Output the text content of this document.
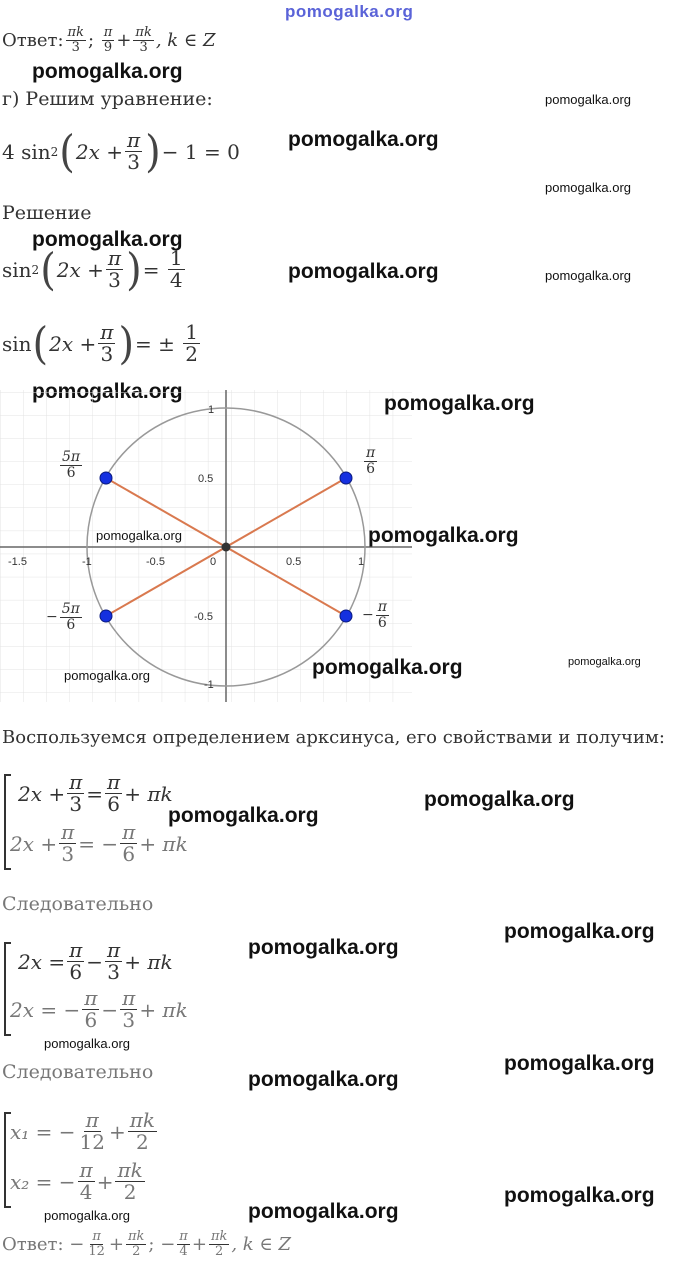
pomogalka.org
Ответ: $\frac{\pi k}{3}$ ;
$\frac{\pi}{9} + \frac{\pi k}{3}$ , k ∈ Z
pomogalka.org
г) Решим уравнение:	pomogalka.org
4 sin 2 ( $2x + \frac{\pi}{3}$ ) − 1 = 0 pomogalka.org
pomogalka.org
Решение
pomogalka.org
sin 2 ( $2x + \frac{\pi}{3}$ ) =
$\frac{1}{4}$	pomogalka.org	pomogalka.org
sin ( $2x + \frac{\pi}{3}$ ) = ±
$\frac{1}{2}$
-1.5	-1	-0.5	0	0.5	1
1
0.5
-0.5
-1
$\frac{\pi}{6}$
$\frac{5\pi}{6}$
− $\frac{\pi}{6}$
− $\frac{5\pi}{6}$
pomogalka.org
pomogalka.org	pomogalka.org
pomogalka.org
pomogalka.org
pomogalka.org
Воспользуемся определением арксинуса, его свойствами и получим:
$2x + \frac{\pi}{3} = \frac{\pi}{6} + \pi k$
$2x + \frac{\pi}{3}$ = − $\frac{\pi}{6} + \pi k$
pomogalka.org
pomogalka.org
Следовательно
pomogalka.org
$2x = \frac{\pi}{6} - \frac{\pi}{3} + \pi k$
2x = − $\frac{\pi}{6} - \frac{\pi}{3} + \pi k$
pomogalka.org
pomogalka.org
Следовательно	pomogalka.org
pomogalka.org
x₁ = − $\frac{\pi}{12} + \frac{\pi k}{2}$
x₂ = − $\frac{\pi}{4} + \frac{\pi k}{2}$	pomogalka.org
pomogalka.org	pomogalka.org
Ответ:
− $\frac{\pi}{12} + \frac{\pi k}{2}$ ; − $\frac{\pi}{4} + \frac{\pi k}{2}$ , k ∈ Z
